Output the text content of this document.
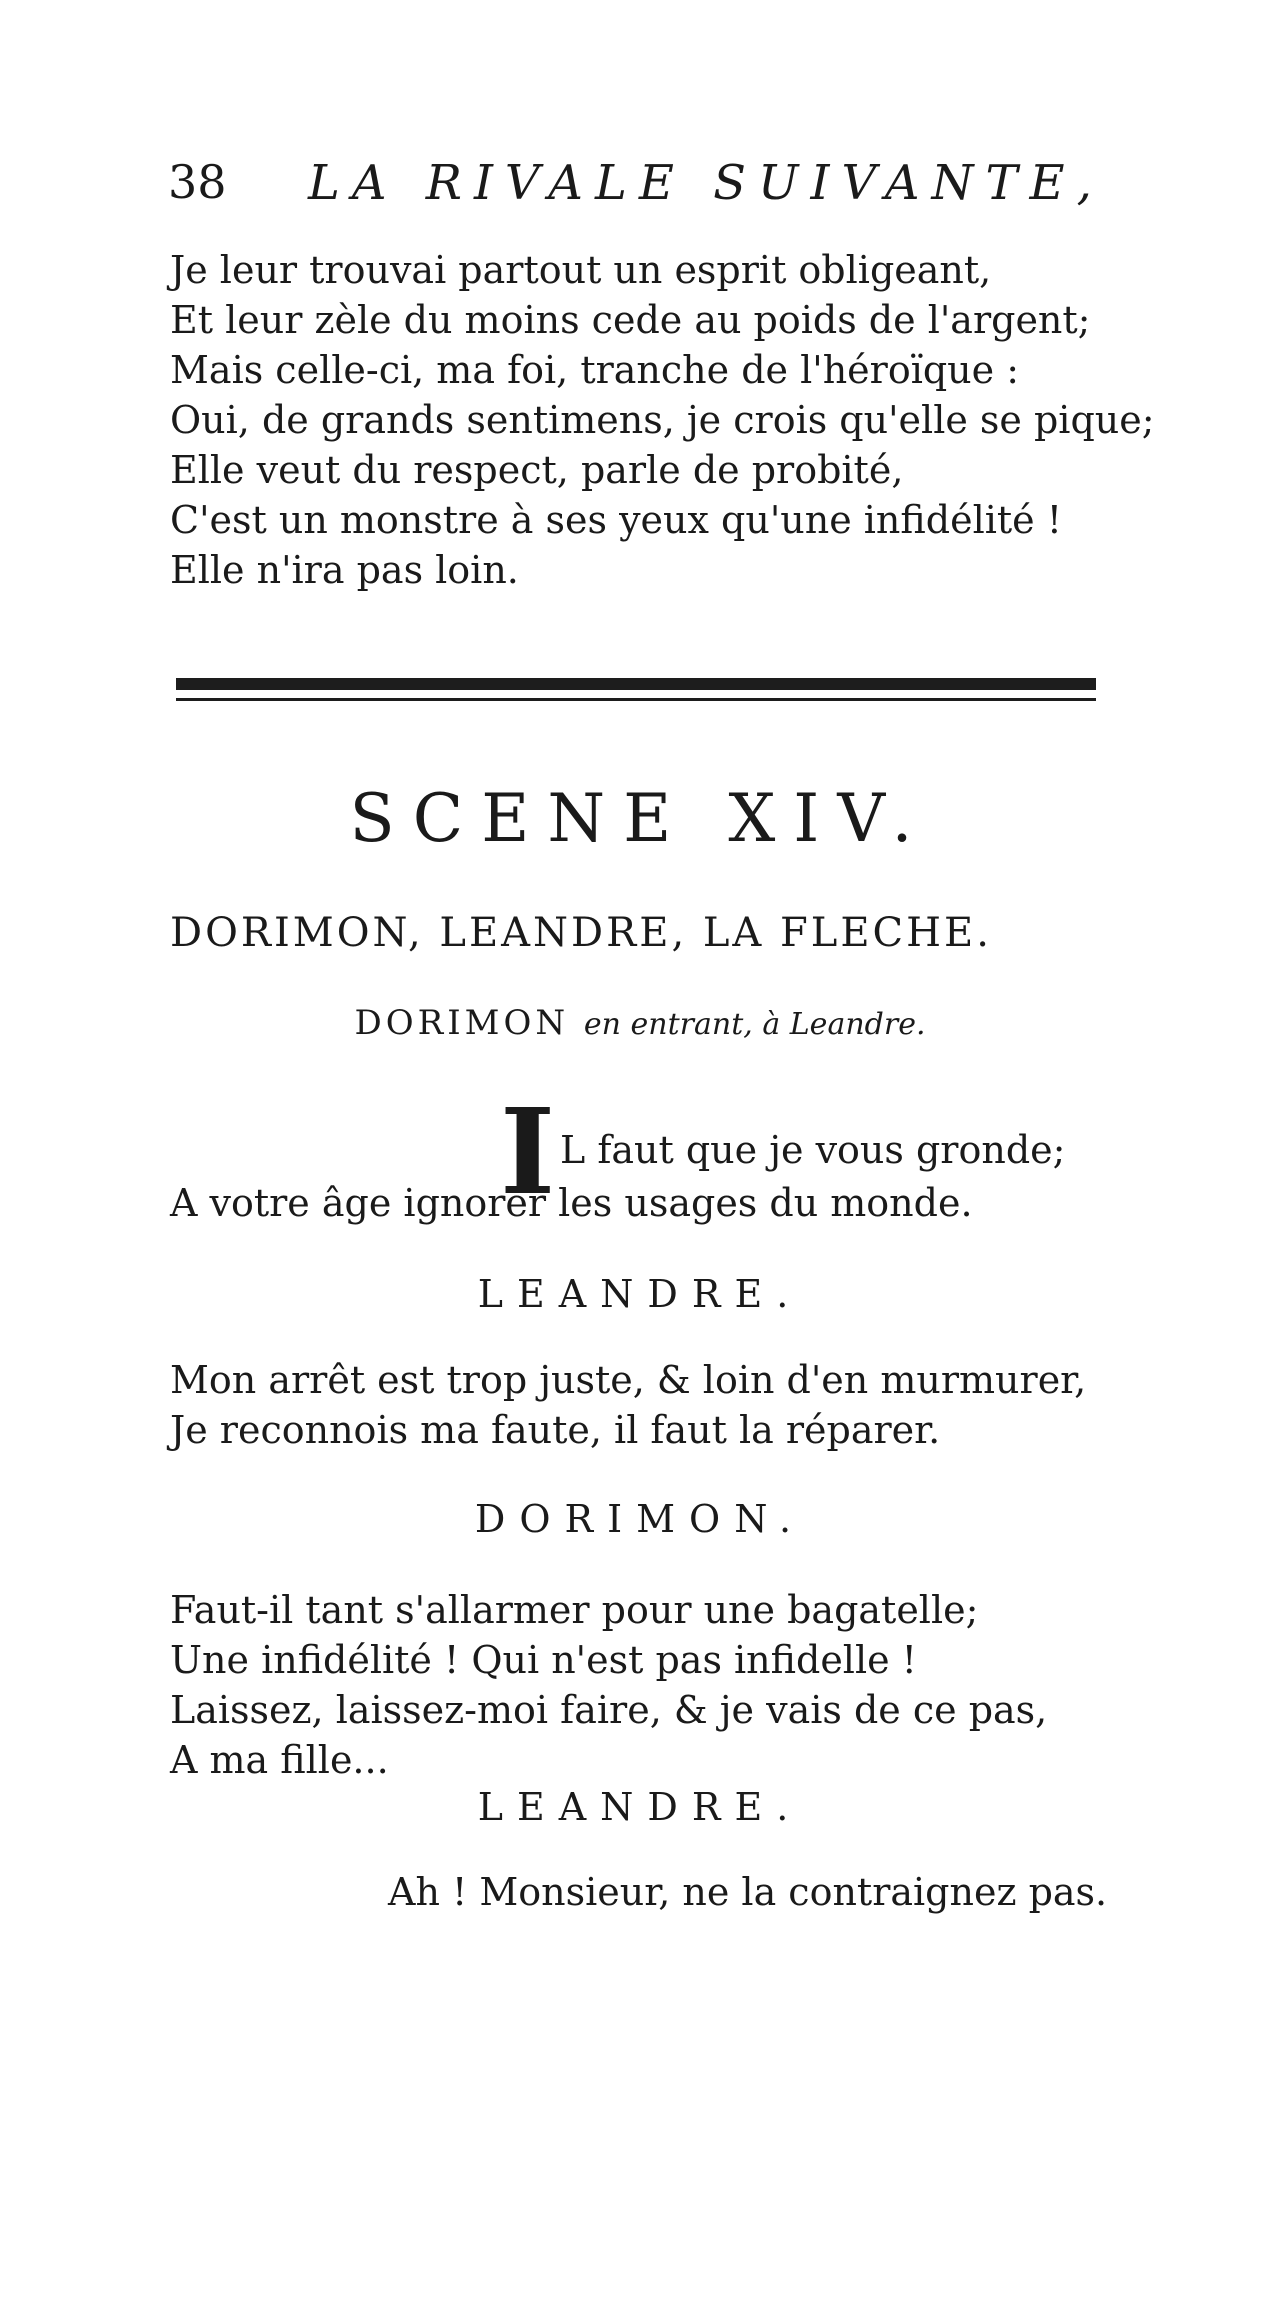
38 LA RIVALE SUIVANTE,
Je leur trouvai partout un esprit obligeant,
Et leur zèle du moins cede au poids de l'argent;
Mais celle-ci, ma foi, tranche de l'héroïque :
Oui, de grands sentimens, je crois qu'elle se pique;
Elle veut du respect, parle de probité,
C'est un monstre à ses yeux qu'une infidélité !
Elle n'ira pas loin.
SCENE XIV.
DORIMON, LEANDRE, LA FLECHE.
DORIMON en entrant, à Leandre.
I L faut que je vous gronde;
A votre âge ignorer les usages du monde.
LEANDRE.
Mon arrêt est trop juste, & loin d'en murmurer,
Je reconnois ma faute, il faut la réparer.
DORIMON.
Faut-il tant s'allarmer pour une bagatelle;
Une infidélité ! Qui n'est pas infidelle !
Laissez, laissez-moi faire, & je vais de ce pas,
A ma fille...
LEANDRE.
Ah ! Monsieur, ne la contraignez pas.
